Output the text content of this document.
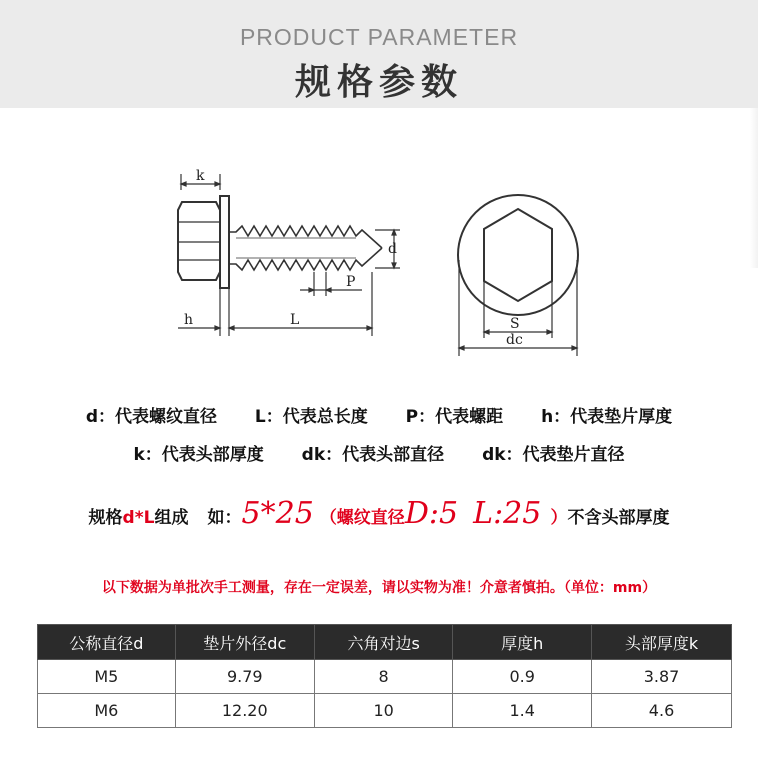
PRODUCT PARAMETER
规格参数
k
d
P
h	L	S
dc
d：代表螺纹直径 L：代表总长度 P：代表螺距 h：代表垫片厚度
k：代表头部厚度 dk：代表头部直径 dk：代表垫片直径
规格d*L组成 如：5*25 （螺纹直径D:5 L:25 ）不含头部厚度
以下数据为单批次手工测量，存在一定误差，请以实物为准！介意者慎拍。（单位：mm）
公称直径d	垫片外径dc	六角对边s	厚度h	头部厚度k
M5	9.79	8	0.9	3.87
M6	12.20	10	1.4	4.6
